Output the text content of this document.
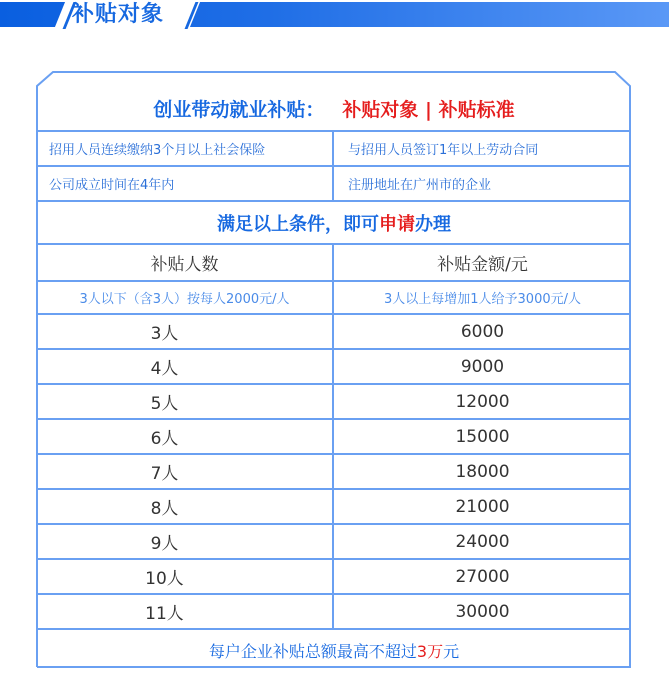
补贴对象
创业带动就业补贴： 补贴对象 | 补贴标准
招用人员连续缴纳3个月以上社会保险	与招用人员签订1年以上劳动合同
公司成立时间在4年内	注册地址在广州市的企业
满足以上条件，即可 申请 办理
补贴人数	补贴金额/元
3人以下（含3人）按每人2000元/人	3人以上每增加1人给予3000元/人
3人	6000
4人	9000
5人	12000
6人	15000
7人	18000
8人	21000
9人	24000
10人	27000
11人	30000
每户企业补贴总额最高不超过 3万 元
